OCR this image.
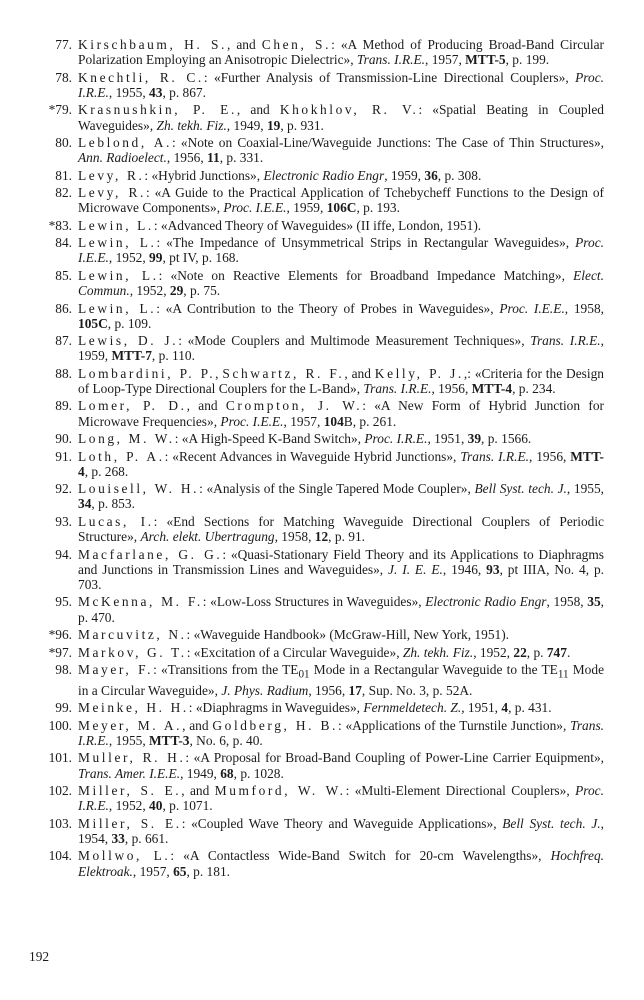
77. Kirschbaum, H. S., and Chen, S.: «A Method of Producing Broad-Band Circular Polarization Employing an Anisotropic Dielectric», Trans. I.R.E., 1957, MTT-5, p. 199.
78. Knechtli, R. C.: «Further Analysis of Transmission-Line Directional Couplers», Proc. I.R.E., 1955, 43, p. 867.
*79. Krasnushkin, P. E., and Khokhlov, R. V.: «Spatial Beating in Coupled Waveguides», Zh. tekh. Fiz., 1949, 19, p. 931.
80. Leblond, A.: «Note on Coaxial-Line/Waveguide Junctions: The Case of Thin Structures», Ann. Radioelect., 1956, 11, p. 331.
81. Levy, R.: «Hybrid Junctions», Electronic Radio Engr, 1959, 36, p. 308.
82. Levy, R.: «A Guide to the Practical Application of Tchebycheff Functions to the Design of Microwave Components», Proc. I.E.E., 1959, 106C, p. 193.
*83. Lewin, L.: «Advanced Theory of Waveguides» (II iffe, London, 1951).
84. Lewin, L.: «The Impedance of Unsymmetrical Strips in Rectangular Waveguides», Proc. I.E.E., 1952, 99, pt IV, p. 168.
85. Lewin, L.: «Note on Reactive Elements for Broadband Impedance Matching», Elect. Commun., 1952, 29, p. 75.
86. Lewin, L.: «A Contribution to the Theory of Probes in Waveguides», Proc. I.E.E., 1958, 105C, p. 109.
87. Lewis, D. J.: «Mode Couplers and Multimode Measurement Techniques», Trans. I.R.E., 1959, MTT-7, p. 110.
88. Lombardini, P. P., Schwartz, R. F., and Kelly, P. J.,: «Criteria for the Design of Loop-Type Directional Couplers for the L-Band», Trans. I.R.E., 1956, MTT-4, p. 234.
89. Lomer, P. D., and Crompton, J. W.: «A New Form of Hybrid Junction for Microwave Frequencies», Proc. I.E.E., 1957, 104B, p. 261.
90. Long, M. W.: «A High-Speed K-Band Switch», Proc. I.R.E., 1951, 39, p. 1566.
91. Loth, P. A.: «Recent Advances in Waveguide Hybrid Junctions», Trans. I.R.E., 1956, MTT-4, p. 268.
92. Louisell, W. H.: «Analysis of the Single Tapered Mode Coupler», Bell Syst. tech. J., 1955, 34, p. 853.
93. Lucas, I.: «End Sections for Matching Waveguide Directional Couplers of Periodic Structure», Arch. elekt. Ubertragung, 1958, 12, p. 91.
94. Macfarlane, G. G.: «Quasi-Stationary Field Theory and its Applications to Diaphragms and Junctions in Transmission Lines and Waveguides», J. I. E. E., 1946, 93, pt IIIA, No. 4, p. 703.
95. McKenna, M. F.: «Low-Loss Structures in Waveguides», Electronic Radio Engr, 1958, 35, p. 470.
*96. Marcuvitz, N.: «Waveguide Handbook» (McGraw-Hill, New York, 1951).
*97. Markov, G. T.: «Excitation of a Circular Waveguide», Zh. tekh. Fiz., 1952, 22, p. 747.
98. Mayer, F.: «Transitions from the $TE_{01}$ Mode in a Rectangular Waveguide to the $TE_{11}$ Mode in a Circular Waveguide», J. Phys. Radium, 1956, 17, Sup. No. 3, p. 52A.
99. Meinke, H. H.: «Diaphragms in Waveguides», Fernmeldetech. Z., 1951, 4, p. 431.
100. Meyer, M. A., and Goldberg, H. B.: «Applications of the Turnstile Junction», Trans. I.R.E., 1955, MTT-3, No. 6, p. 40.
101. Muller, R. H.: «A Proposal for Broad-Band Coupling of Power-Line Carrier Equipment», Trans. Amer. I.E.E., 1949, 68, p. 1028.
102. Miller, S. E., and Mumford, W. W.: «Multi-Element Directional Couplers», Proc. I.R.E., 1952, 40, p. 1071.
103. Miller, S. E.: «Coupled Wave Theory and Waveguide Applications», Bell Syst. tech. J., 1954, 33, p. 661.
104. Mollwo, L.: «A Contactless Wide-Band Switch for 20-cm Wavelengths», Hochfreq. Elektroak., 1957, 65, p. 181.
192
